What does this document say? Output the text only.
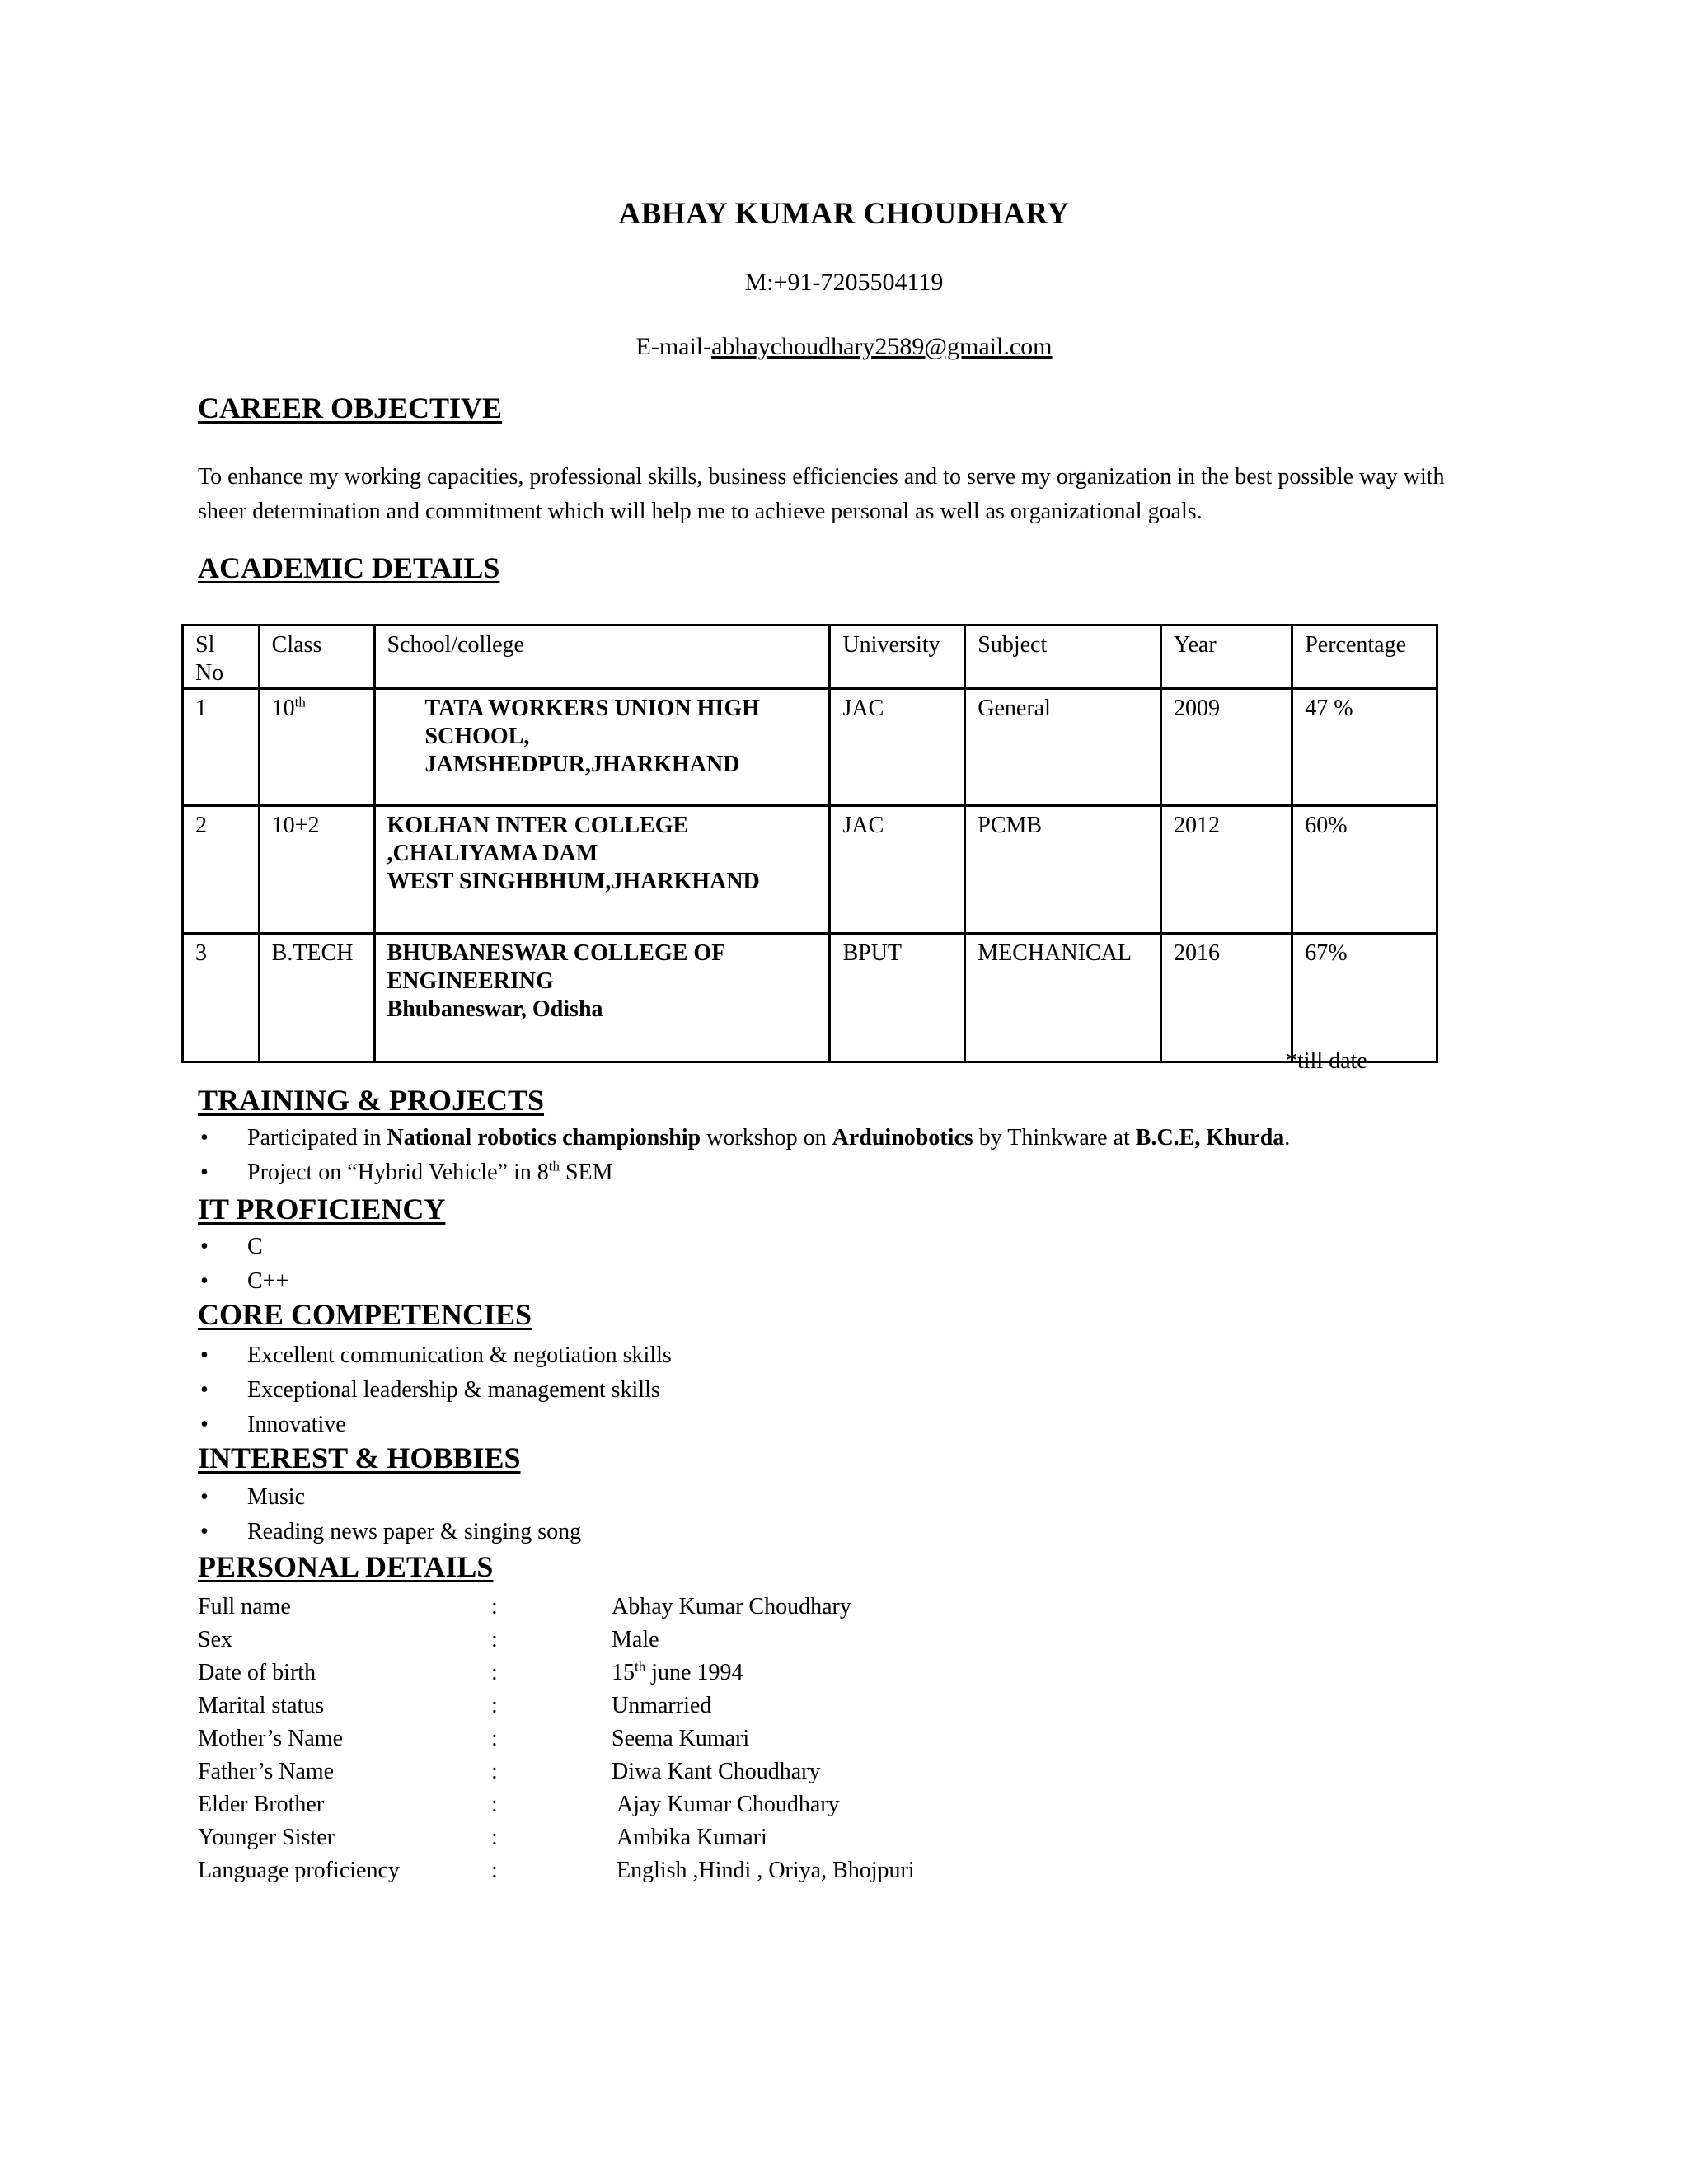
ABHAY KUMAR CHOUDHARY
M:+91-7205504119
E-mail-abhaychoudhary2589@gmail.com
CAREER OBJECTIVE
To enhance my working capacities, professional skills, business efficiencies and to serve my organization in the best possible way with sheer determination and commitment which will help me to achieve personal as well as organizational goals.
ACADEMIC DETAILS
Sl No	Class	School/college	University	Subject	Year	Percentage
1	10th	TATA WORKERS UNION HIGH
SCHOOL,
JAMSHEDPUR,JHARKHAND	JAC	General	2009	47 %
2	10+2	KOLHAN INTER COLLEGE
,CHALIYAMA DAM
WEST SINGHBHUM,JHARKHAND	JAC	PCMB	2012	60%
3	B.TECH	BHUBANESWAR COLLEGE OF
ENGINEERING
Bhubaneswar, Odisha	BPUT	MECHANICAL	2016	67%
*till date
TRAINING & PROJECTS
• Participated in National robotics championship workshop on Arduinobotics by Thinkware at B.C.E, Khurda.
• Project on “Hybrid Vehicle” in 8th SEM
IT PROFICIENCY
• C
• C++
CORE COMPETENCIES
• Excellent communication & negotiation skills
• Exceptional leadership & management skills
• Innovative
INTEREST & HOBBIES
• Music
• Reading news paper & singing song
PERSONAL DETAILS
Full name	:	Abhay Kumar Choudhary
Sex	:	Male
Date of birth	:	15th june 1994
Marital status	:	Unmarried
Mother’s Name	:	Seema Kumari
Father’s Name	:	Diwa Kant Choudhary
Elder Brother	:	Ajay Kumar Choudhary
Younger Sister	:	Ambika Kumari
Language proficiency	:	English ,Hindi , Oriya, Bhojpuri
